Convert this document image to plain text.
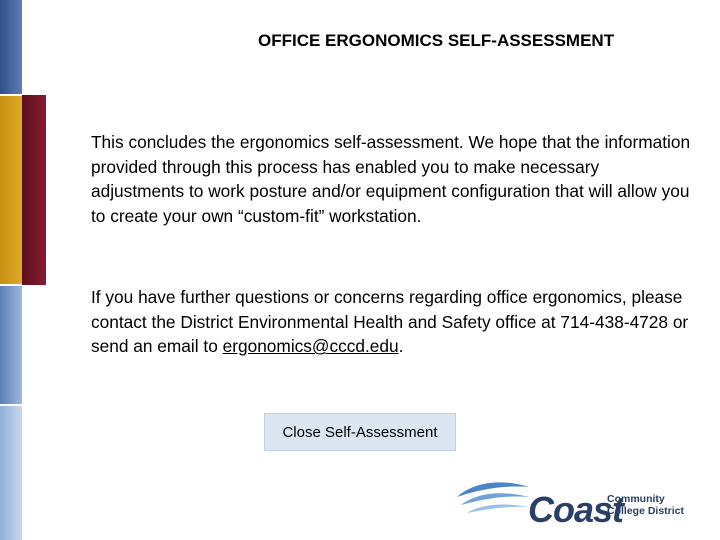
OFFICE ERGONOMICS SELF-ASSESSMENT
This concludes the ergonomics self-assessment. We hope that the information provided through this process has enabled you to make necessary adjustments to work posture and/or equipment configuration that will allow you to create your own “custom-fit” workstation.
If you have further questions or concerns regarding office ergonomics, please contact the District Environmental Health and Safety office at 714-438-4728 or send an email to ergonomics@cccd.edu.
Close Self-Assessment
Coast
Community
College District
